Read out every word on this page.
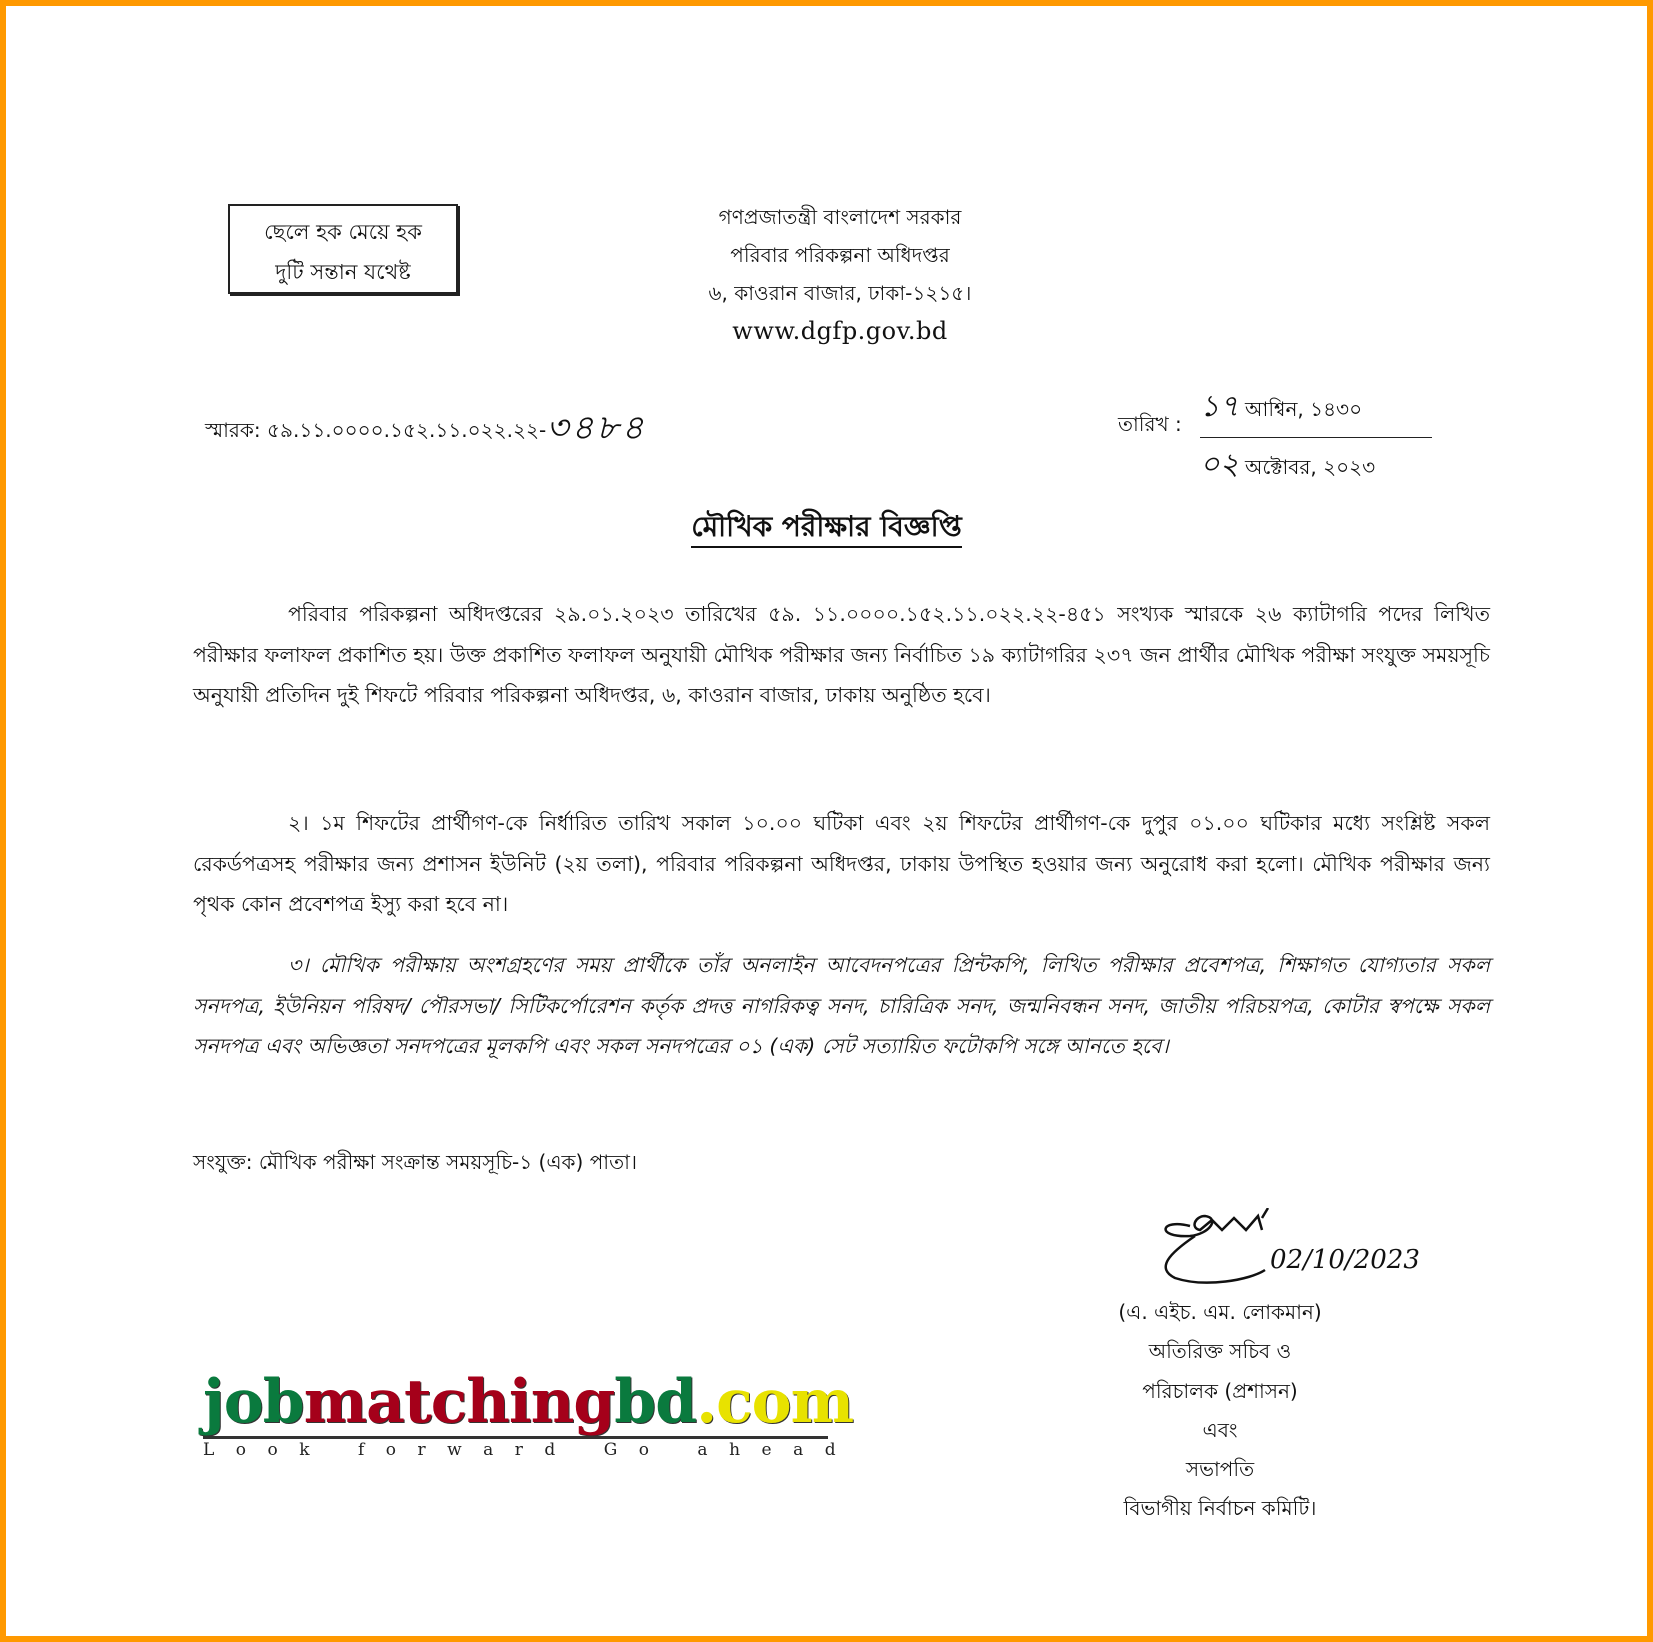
ছেলে হক মেয়ে হক
দুটি সন্তান যথেষ্ট
গণপ্রজাতন্ত্রী বাংলাদেশ সরকার
পরিবার পরিকল্পনা অধিদপ্তর
৬, কাওরান বাজার, ঢাকা-১২১৫।
www.dgfp.gov.bd
স্মারক: ৫৯.১১.০০০০.১৫২.১১.০২২.২২-৩৪৮৪	তারিখ : ১৭ আশ্বিন, ১৪৩০
০২ অক্টোবর, ২০২৩
মৌখিক পরীক্ষার বিজ্ঞপ্তি
পরিবার পরিকল্পনা অধিদপ্তরের ২৯.০১.২০২৩ তারিখের ৫৯. ১১.০০০০.১৫২.১১.০২২.২২-৪৫১ সংখ্যক স্মারকে ২৬ ক্যাটাগরি পদের লিখিত পরীক্ষার ফলাফল প্রকাশিত হয়। উক্ত প্রকাশিত ফলাফল অনুযায়ী মৌখিক পরীক্ষার জন্য নির্বাচিত ১৯ ক্যাটাগরির ২৩৭ জন প্রার্থীর মৌখিক পরীক্ষা সংযুক্ত সময়সূচি অনুযায়ী প্রতিদিন দুই শিফটে পরিবার পরিকল্পনা অধিদপ্তর, ৬, কাওরান বাজার, ঢাকায় অনুষ্ঠিত হবে।
২। ১ম শিফটের প্রার্থীগণ-কে নির্ধারিত তারিখ সকাল ১০.০০ ঘটিকা এবং ২য় শিফটের প্রার্থীগণ-কে দুপুর ০১.০০ ঘটিকার মধ্যে সংশ্লিষ্ট সকল রেকর্ডপত্রসহ পরীক্ষার জন্য প্রশাসন ইউনিট (২য় তলা), পরিবার পরিকল্পনা অধিদপ্তর, ঢাকায় উপস্থিত হওয়ার জন্য অনুরোধ করা হলো। মৌখিক পরীক্ষার জন্য পৃথক কোন প্রবেশপত্র ইস্যু করা হবে না।
৩। মৌখিক পরীক্ষায় অংশগ্রহণের সময় প্রার্থীকে তাঁর অনলাইন আবেদনপত্রের প্রিন্টকপি, লিখিত পরীক্ষার প্রবেশপত্র, শিক্ষাগত যোগ্যতার সকল সনদপত্র, ইউনিয়ন পরিষদ/ পৌরসভা/ সিটিকর্পোরেশন কর্তৃক প্রদত্ত নাগরিকত্ব সনদ, চারিত্রিক সনদ, জন্মনিবন্ধন সনদ, জাতীয় পরিচয়পত্র, কোটার স্বপক্ষে সকল সনদপত্র এবং অভিজ্ঞতা সনদপত্রের মূলকপি এবং সকল সনদপত্রের ০১ (এক) সেট সত্যায়িত ফটোকপি সঙ্গে আনতে হবে।
সংযুক্ত: মৌখিক পরীক্ষা সংক্রান্ত সময়সূচি-১ (এক) পাতা।
02/10/2023
(এ. এইচ. এম. লোকমান)
অতিরিক্ত সচিব ও
পরিচালক (প্রশাসন)
এবং
সভাপতি
বিভাগীয় নির্বাচন কমিটি।
jobmatchingbd.com
Look forward Go ahead
